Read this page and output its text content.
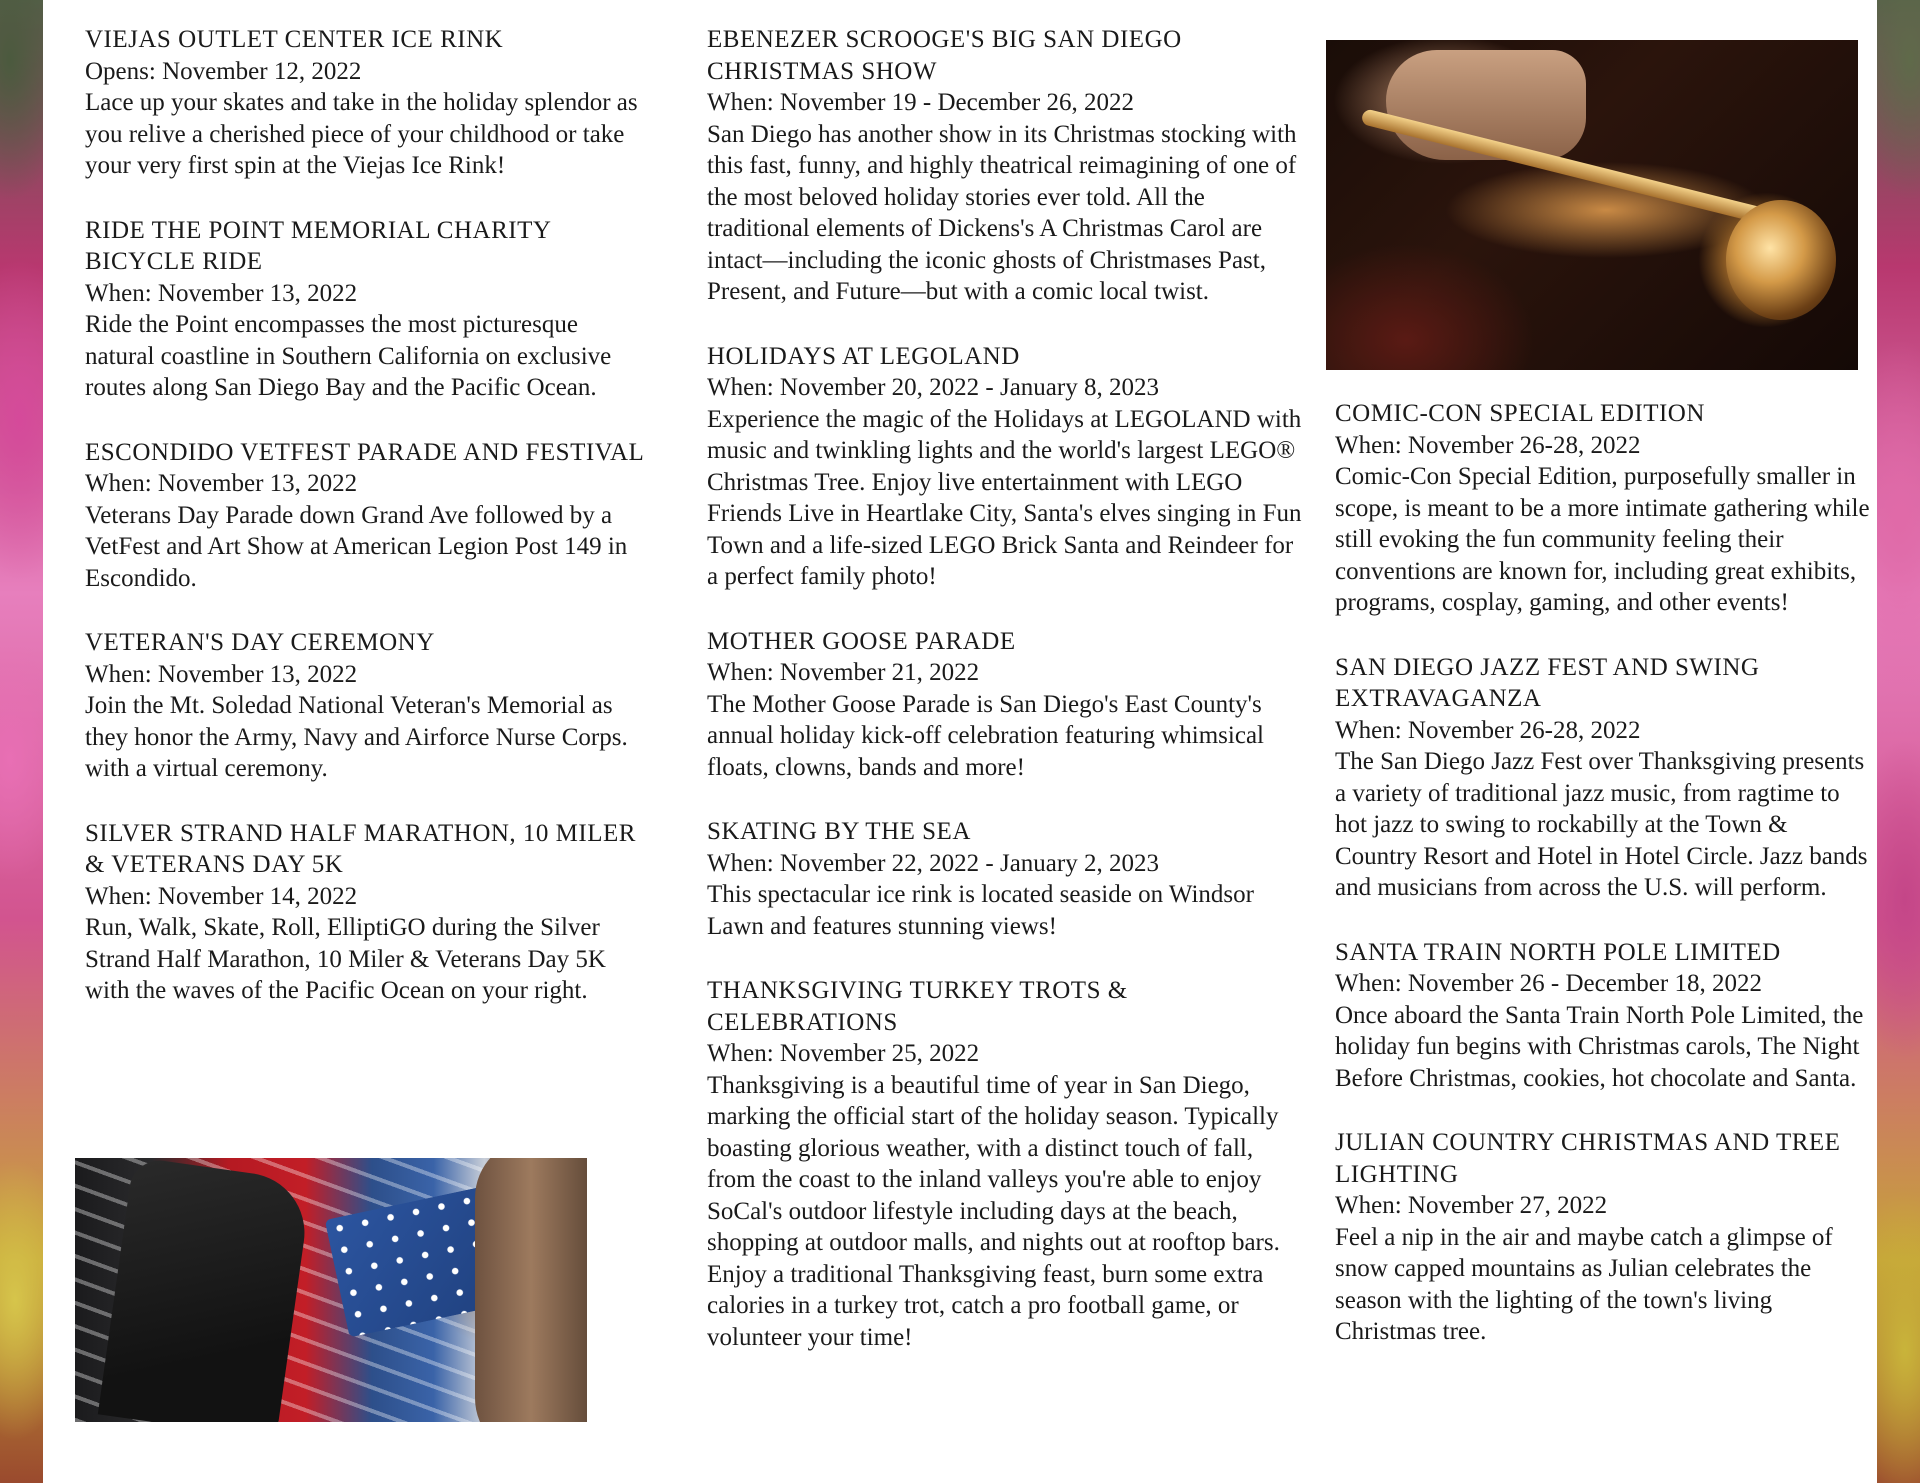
VIEJAS OUTLET CENTER ICE RINK
Opens: November 12, 2022
Lace up your skates and take in the holiday splendor as you relive a cherished piece of your childhood or take your very first spin at the Viejas Ice Rink!
RIDE THE POINT MEMORIAL CHARITY BICYCLE RIDE
When: November 13, 2022
Ride the Point encompasses the most picturesque natural coastline in Southern California on exclusive routes along San Diego Bay and the Pacific Ocean.
ESCONDIDO VETFEST PARADE AND FESTIVAL
When: November 13, 2022
Veterans Day Parade down Grand Ave followed by a VetFest and Art Show at American Legion Post 149 in Escondido.
VETERAN'S DAY CEREMONY
When: November 13, 2022
Join the Mt. Soledad National Veteran's Memorial as they honor the Army, Navy and Airforce Nurse Corps. with a virtual ceremony.
SILVER STRAND HALF MARATHON, 10 MILER & VETERANS DAY 5K
When: November 14, 2022
Run, Walk, Skate, Roll, ElliptiGO during the Silver Strand Half Marathon, 10 Miler & Veterans Day 5K with the waves of the Pacific Ocean on your right.
EBENEZER SCROOGE'S BIG SAN DIEGO CHRISTMAS SHOW
When: November 19 - December 26, 2022
San Diego has another show in its Christmas stocking with this fast, funny, and highly theatrical reimagining of one of the most beloved holiday stories ever told. All the traditional elements of Dickens's A Christmas Carol are intact—including the iconic ghosts of Christmases Past, Present, and Future—but with a comic local twist.
HOLIDAYS AT LEGOLAND
When: November 20, 2022 - January 8, 2023
Experience the magic of the Holidays at LEGOLAND with music and twinkling lights and the world's largest LEGO® Christmas Tree. Enjoy live entertainment with LEGO Friends Live in Heartlake City, Santa's elves singing in Fun Town and a life-sized LEGO Brick Santa and Reindeer for a perfect family photo!
MOTHER GOOSE PARADE
When: November 21, 2022
The Mother Goose Parade is San Diego's East County's annual holiday kick-off celebration featuring whimsical floats, clowns, bands and more!
SKATING BY THE SEA
When: November 22, 2022 - January 2, 2023
This spectacular ice rink is located seaside on Windsor Lawn and features stunning views!
THANKSGIVING TURKEY TROTS & CELEBRATIONS
When: November 25, 2022
Thanksgiving is a beautiful time of year in San Diego, marking the official start of the holiday season. Typically boasting glorious weather, with a distinct touch of fall, from the coast to the inland valleys you're able to enjoy SoCal's outdoor lifestyle including days at the beach, shopping at outdoor malls, and nights out at rooftop bars. Enjoy a traditional Thanksgiving feast, burn some extra calories in a turkey trot, catch a pro football game, or volunteer your time!
COMIC-CON SPECIAL EDITION
When: November 26-28, 2022
Comic-Con Special Edition, purposefully smaller in scope, is meant to be a more intimate gathering while still evoking the fun community feeling their conventions are known for, including great exhibits, programs, cosplay, gaming, and other events!
SAN DIEGO JAZZ FEST AND SWING EXTRAVAGANZA
When: November 26-28, 2022
The San Diego Jazz Fest over Thanksgiving presents a variety of traditional jazz music, from ragtime to hot jazz to swing to rockabilly at the Town & Country Resort and Hotel in Hotel Circle. Jazz bands and musicians from across the U.S. will perform.
SANTA TRAIN NORTH POLE LIMITED
When: November 26 - December 18, 2022
Once aboard the Santa Train North Pole Limited, the holiday fun begins with Christmas carols, The Night Before Christmas, cookies, hot chocolate and Santa.
JULIAN COUNTRY CHRISTMAS AND TREE LIGHTING
When: November 27, 2022
Feel a nip in the air and maybe catch a glimpse of snow capped mountains as Julian celebrates the season with the lighting of the town's living Christmas tree.
